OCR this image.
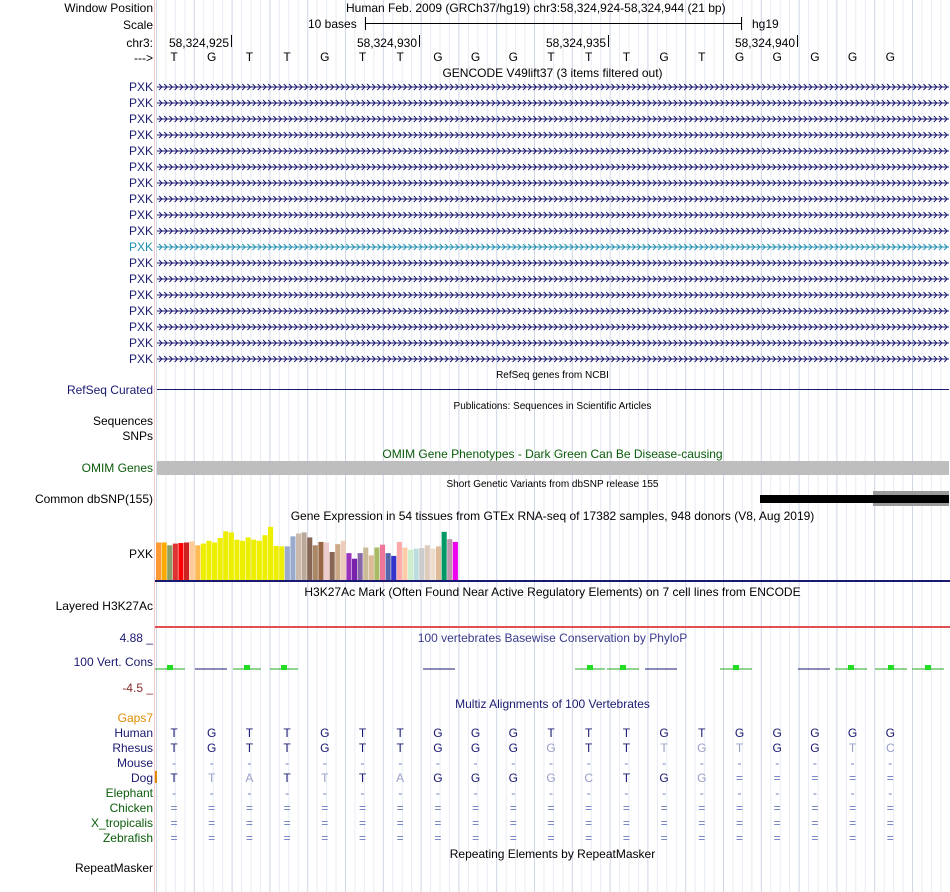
Window Position	Human Feb. 2009 (GRCh37/hg19) chr3:58,324,924-58,324,944 (21 bp)
Scale	10 bases	hg19
chr3:	58,324,925	58,324,930	58,324,935	58,324,940
--->	T	G	T	T	G	T	T	G	G	G	T	T	T	G	T	G	G	G	G	G
GENCODE V49lift37 (3 items filtered out)
PXK
PXK
PXK
PXK
PXK
PXK
PXK
PXK
PXK
PXK
PXK
PXK
PXK
PXK
PXK
PXK
PXK
PXK
RefSeq genes from NCBI
RefSeq Curated
Publications: Sequences in Scientific Articles
Sequences
SNPs
OMIM Gene Phenotypes - Dark Green Can Be Disease-causing
OMIM Genes
Short Genetic Variants from dbSNP release 155
Common dbSNP(155)
Gene Expression in 54 tissues from GTEx RNA-seq of 17382 samples, 948 donors (V8, Aug 2019)
PXK
H3K27Ac Mark (Often Found Near Active Regulatory Elements) on 7 cell lines from ENCODE
Layered H3K27Ac
100 vertebrates Basewise Conservation by PhyloP
4.88 _
100 Vert. Cons
-4.5 _
Multiz Alignments of 100 Vertebrates
Gaps7
Human	T	G	T	T	G	T	T	G	G	G	T	T	T	G	T	G	G	G	G	G
Rhesus	T	G	T	T	G	T	T	G	G	G	G	T	T	T	G	T	G	G	T	C
Mouse	-	-	-	-	-	-	-	-	-	-	-	-	-	-	-	-	-	-	-	-
Dog	T	T	A	T	T	T	A	G	G	G	G	C	T	G	G	=	=	=	=	=
Elephant	-	-	-	-	-	-	-	-	-	-	-	-	-	-	-	-	-	-	-	-
Chicken	=	=	=	=	=	=	=	=	=	=	=	=	=	=	=	=	=	=	=	=
X_tropicalis	=	=	=	=	=	=	=	=	=	=	=	=	=	=	=	=	=	=	=	=
Zebrafish	=	=	=	=	=	=	=	=	=	=	=	=	=	=	=	=	=	=	=	=
Repeating Elements by RepeatMasker
RepeatMasker
